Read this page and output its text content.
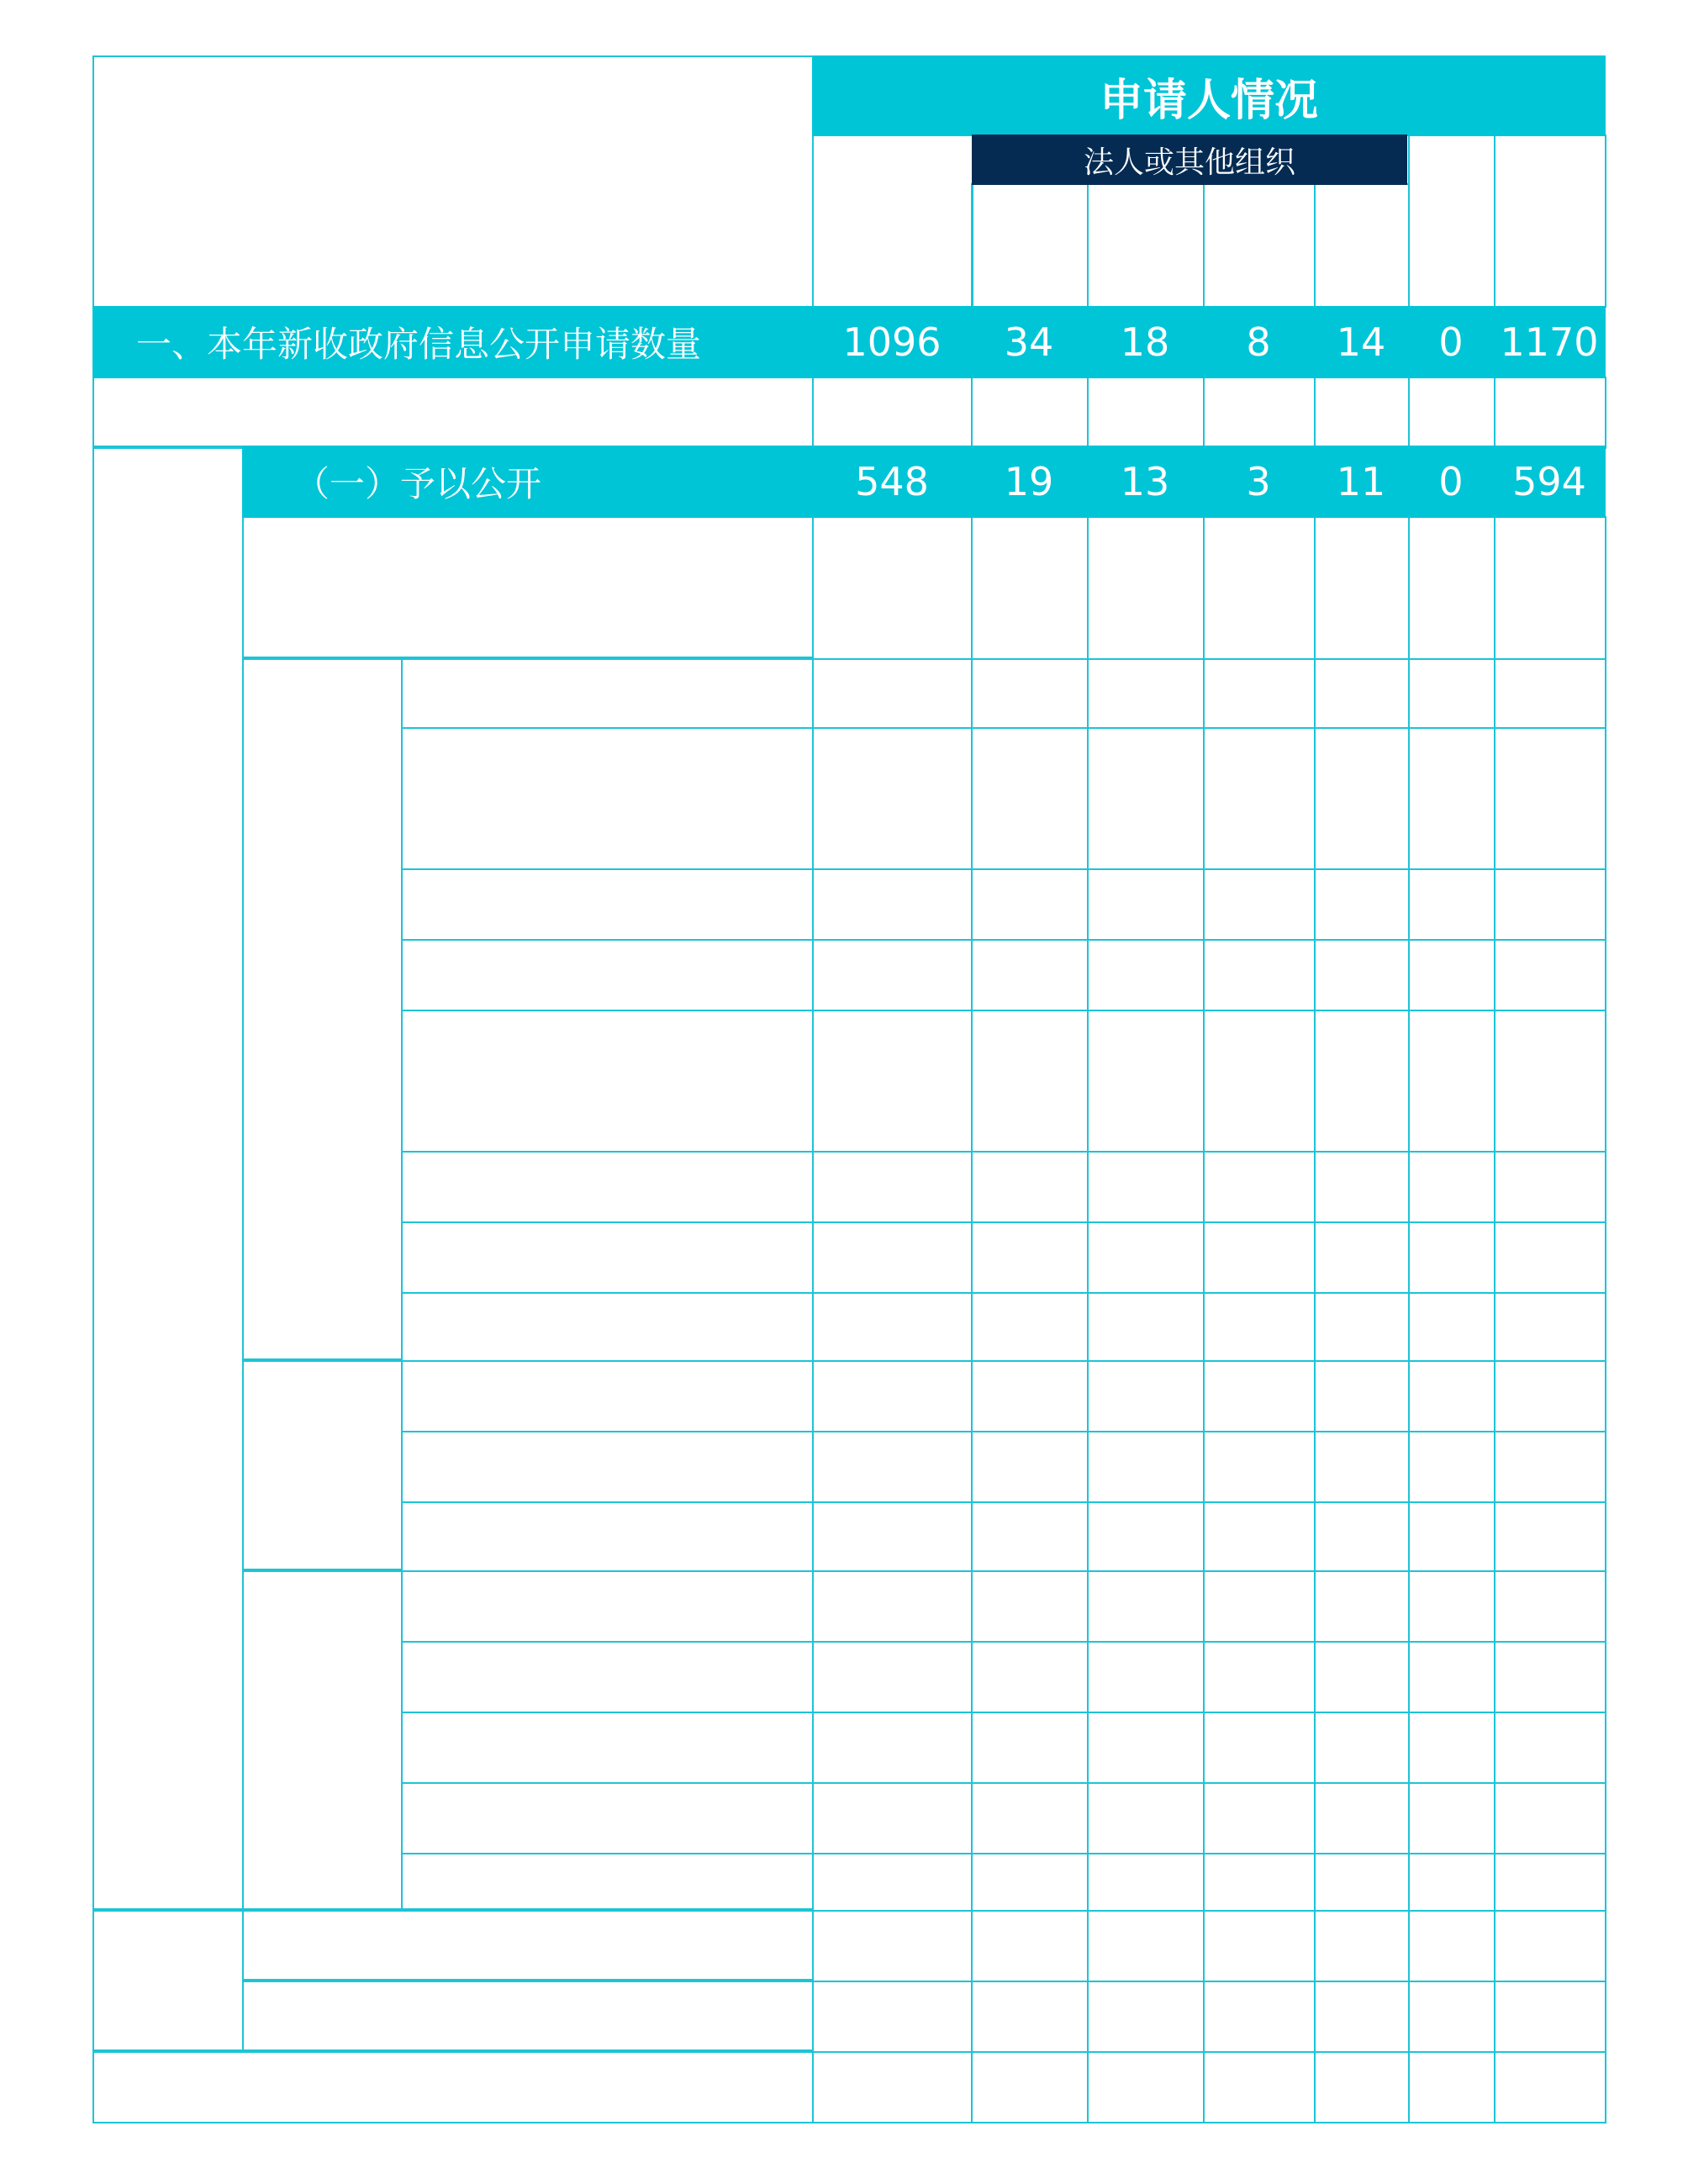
申请人情况
法人或其他组织
一、本年新收政府信息公开申请数量	1096 34 18 8 14 0 1170
（一）予以公开	548 19 13 3 11 0 594
